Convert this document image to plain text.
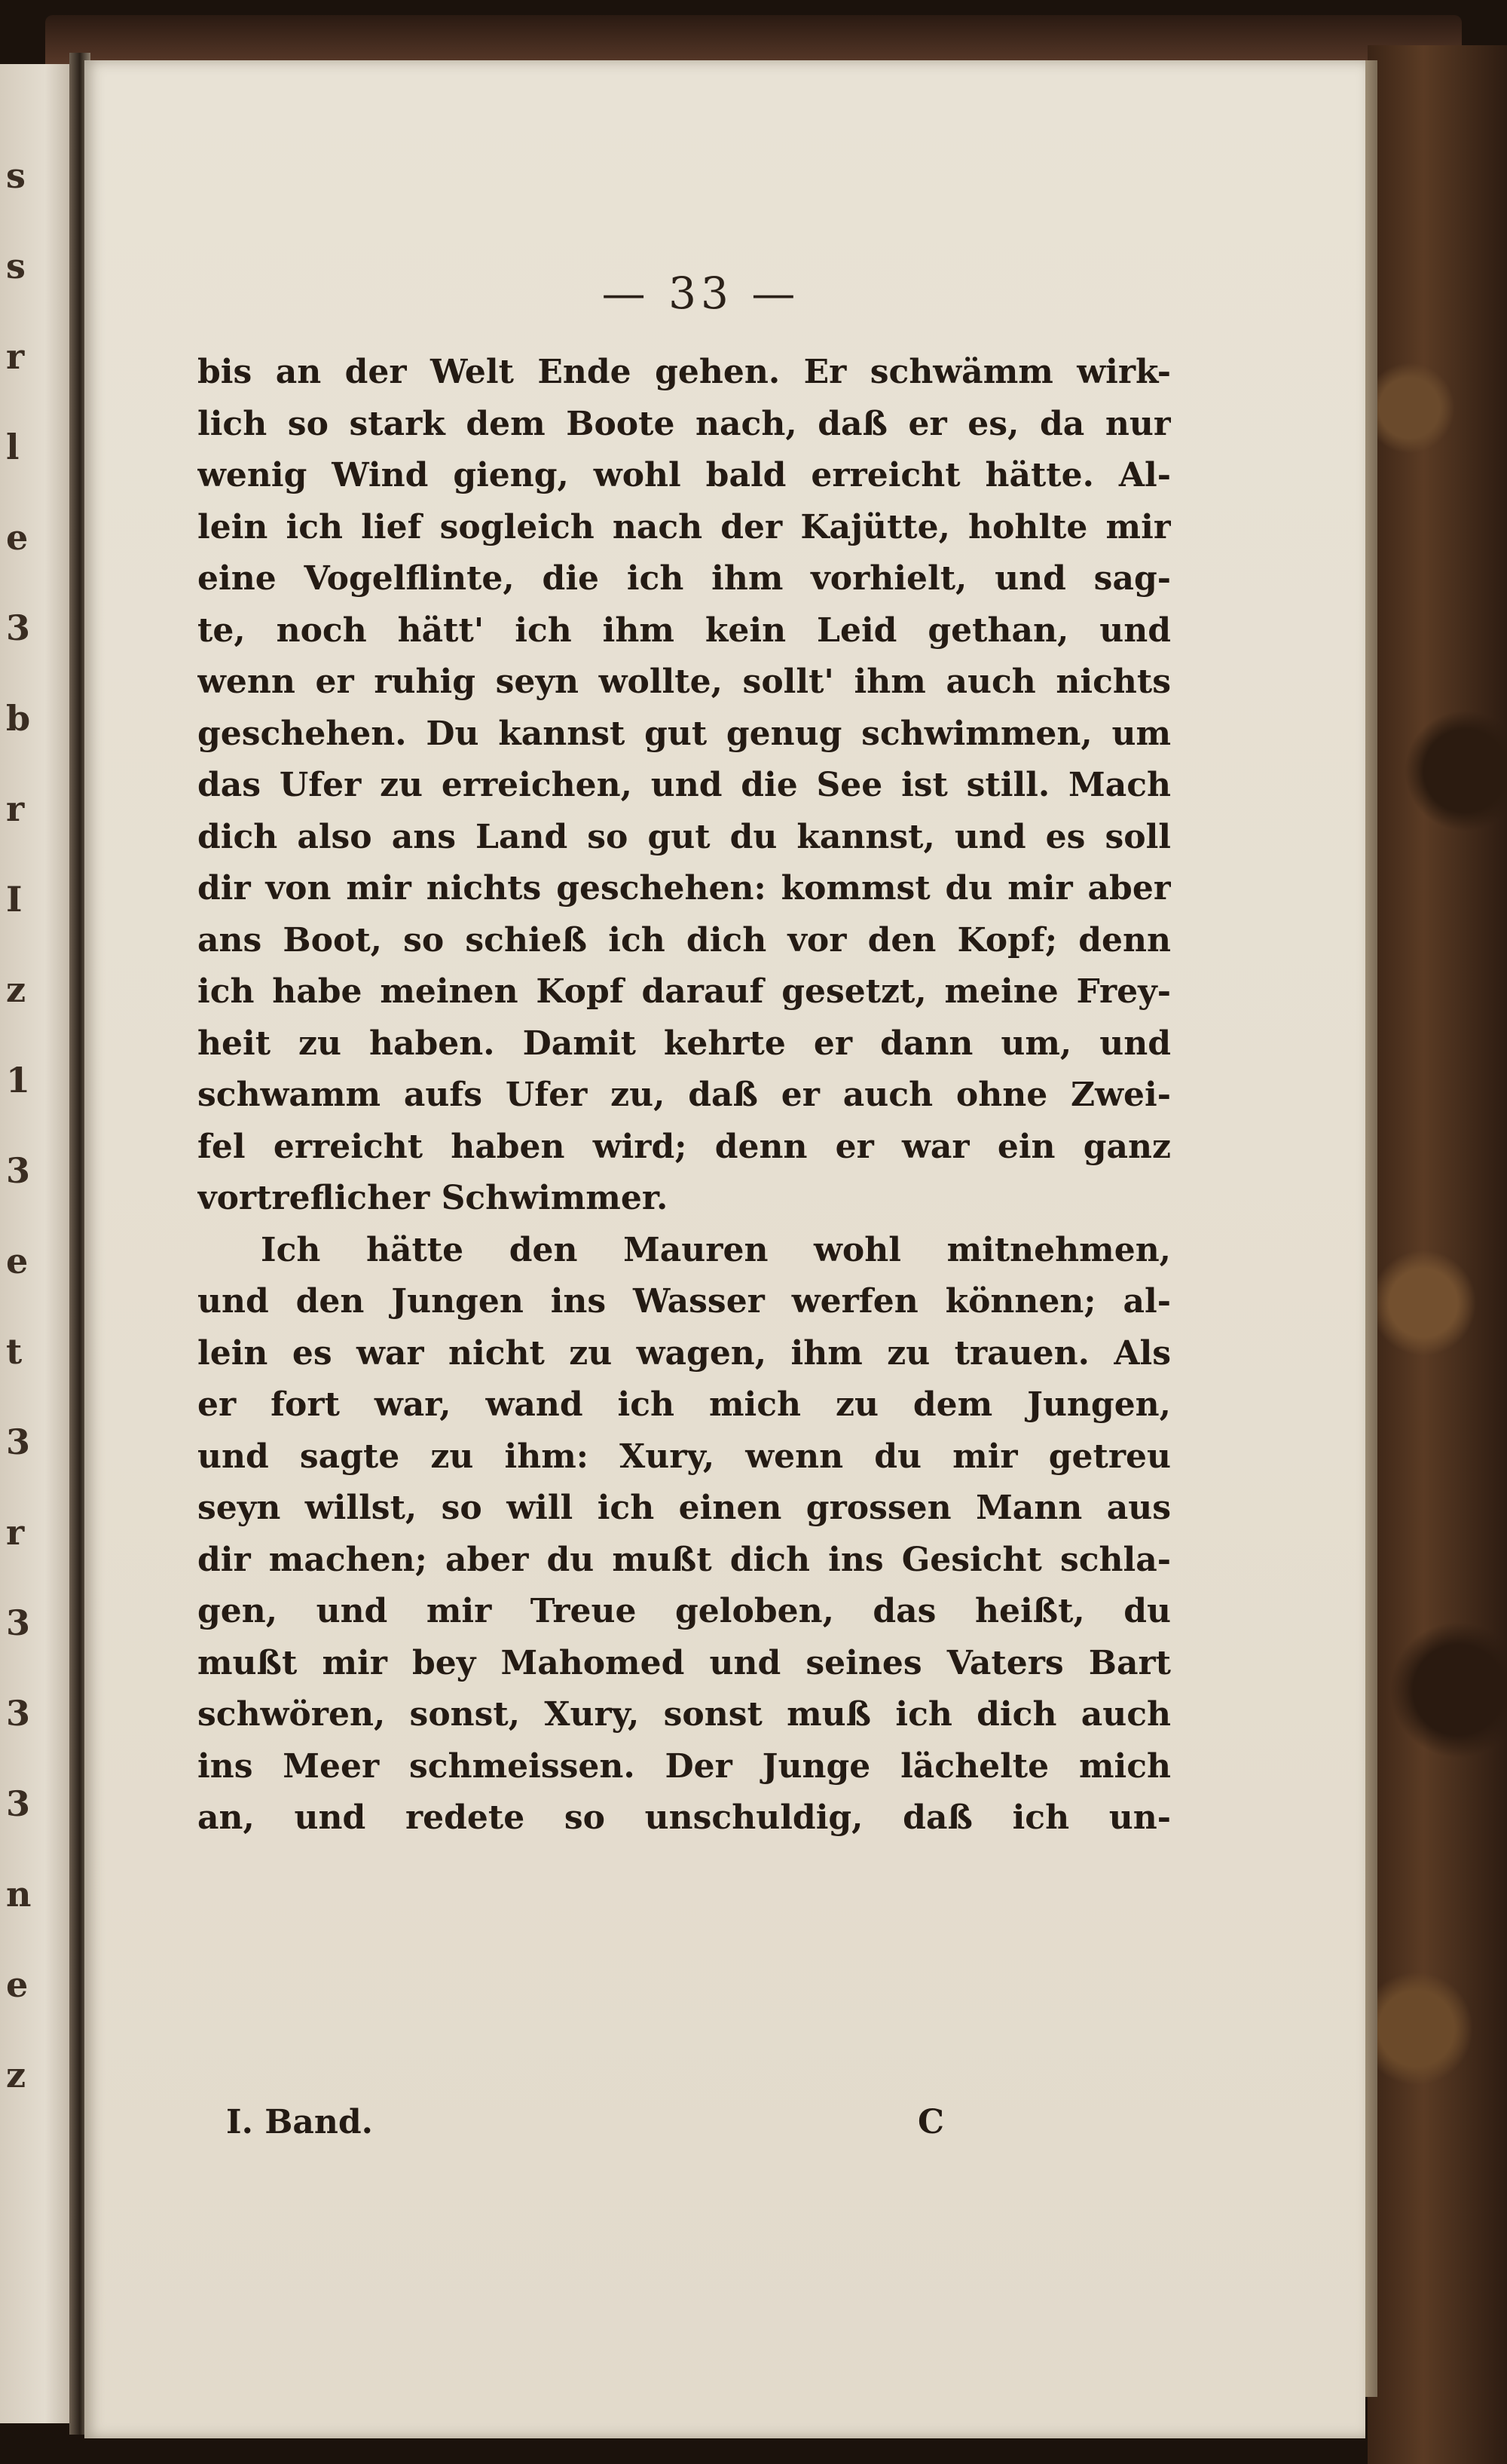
s
s
r
l
e
3
b
r
I
z
1
3
e
t
3
r
3
3
3
n
e
z
— 33 —
bis an der Welt Ende gehen. Er schwämm wirk-
lich so stark dem Boote nach, daß er es, da nur
wenig Wind gieng, wohl bald erreicht hätte. Al-
lein ich lief sogleich nach der Kajütte, hohlte mir
eine Vogelflinte, die ich ihm vorhielt, und sag-
te, noch hätt' ich ihm kein Leid gethan, und
wenn er ruhig seyn wollte, sollt' ihm auch nichts
geschehen. Du kannst gut genug schwimmen, um
das Ufer zu erreichen, und die See ist still. Mach
dich also ans Land so gut du kannst, und es soll
dir von mir nichts geschehen: kommst du mir aber
ans Boot, so schieß ich dich vor den Kopf; denn
ich habe meinen Kopf darauf gesetzt, meine Frey-
heit zu haben. Damit kehrte er dann um, und
schwamm aufs Ufer zu, daß er auch ohne Zwei-
fel erreicht haben wird; denn er war ein ganz
vortreflicher Schwimmer.
Ich hätte den Mauren wohl mitnehmen,
und den Jungen ins Wasser werfen können; al-
lein es war nicht zu wagen, ihm zu trauen. Als
er fort war, wand ich mich zu dem Jungen,
und sagte zu ihm: Xury, wenn du mir getreu
seyn willst, so will ich einen grossen Mann aus
dir machen; aber du mußt dich ins Gesicht schla-
gen, und mir Treue geloben, das heißt, du
mußt mir bey Mahomed und seines Vaters Bart
schwören, sonst, Xury, sonst muß ich dich auch
ins Meer schmeissen. Der Junge lächelte mich
an, und redete so unschuldig, daß ich un-
I. Band.	C
